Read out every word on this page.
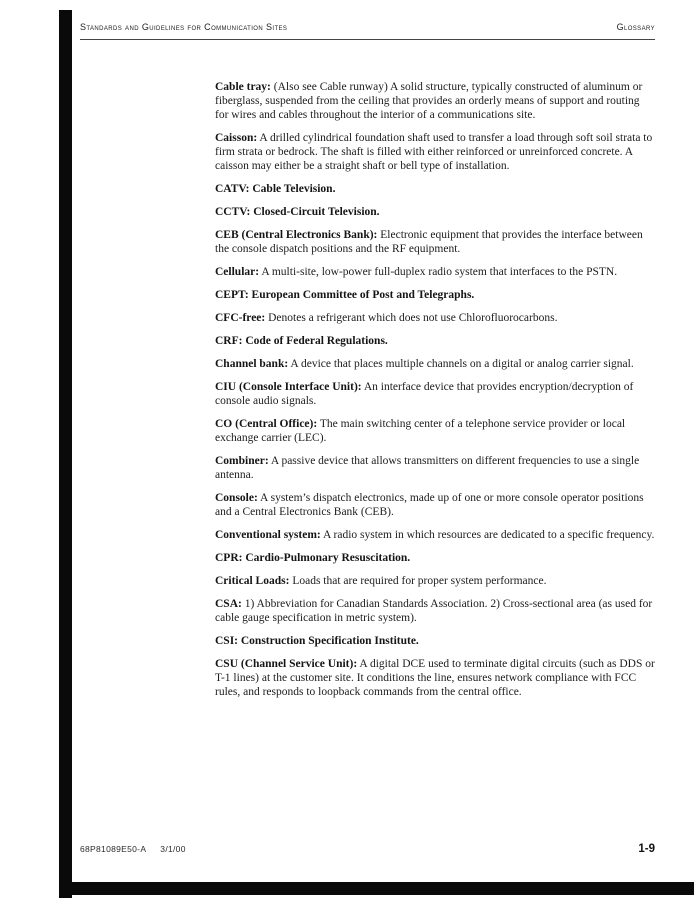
Standards and Guidelines for Communication Sites	Glossary

Cable tray: (Also see Cable runway) A solid structure, typically constructed of aluminum or fiberglass, suspended from the ceiling that provides an orderly means of support and routing for wires and cables throughout the interior of a communications site.

Caisson: A drilled cylindrical foundation shaft used to transfer a load through soft soil strata to firm strata or bedrock. The shaft is filled with either reinforced or unreinforced concrete. A caisson may either be a straight shaft or bell type of installation.

CATV: Cable Television.

CCTV: Closed-Circuit Television.

CEB (Central Electronics Bank): Electronic equipment that provides the interface between the console dispatch positions and the RF equipment.

Cellular: A multi-site, low-power full-duplex radio system that interfaces to the PSTN.

CEPT: European Committee of Post and Telegraphs.

CFC-free: Denotes a refrigerant which does not use Chlorofluorocarbons.

CRF: Code of Federal Regulations.

Channel bank: A device that places multiple channels on a digital or analog carrier signal.

CIU (Console Interface Unit): An interface device that provides encryption/decryption of console audio signals.

CO (Central Office): The main switching center of a telephone service provider or local exchange carrier (LEC).

Combiner: A passive device that allows transmitters on different frequencies to use a single antenna.

Console: A system’s dispatch electronics, made up of one or more console operator positions and a Central Electronics Bank (CEB).

Conventional system: A radio system in which resources are dedicated to a specific frequency.

CPR: Cardio-Pulmonary Resuscitation.

Critical Loads: Loads that are required for proper system performance.

CSA: 1) Abbreviation for Canadian Standards Association. 2) Cross-sectional area (as used for cable gauge specification in metric system).

CSI: Construction Specification Institute.

CSU (Channel Service Unit): A digital DCE used to terminate digital circuits (such as DDS or T-1 lines) at the customer site. It conditions the line, ensures network compliance with FCC rules, and responds to loopback commands from the central office.

68P81089E50-A 3/1/00	1-9
